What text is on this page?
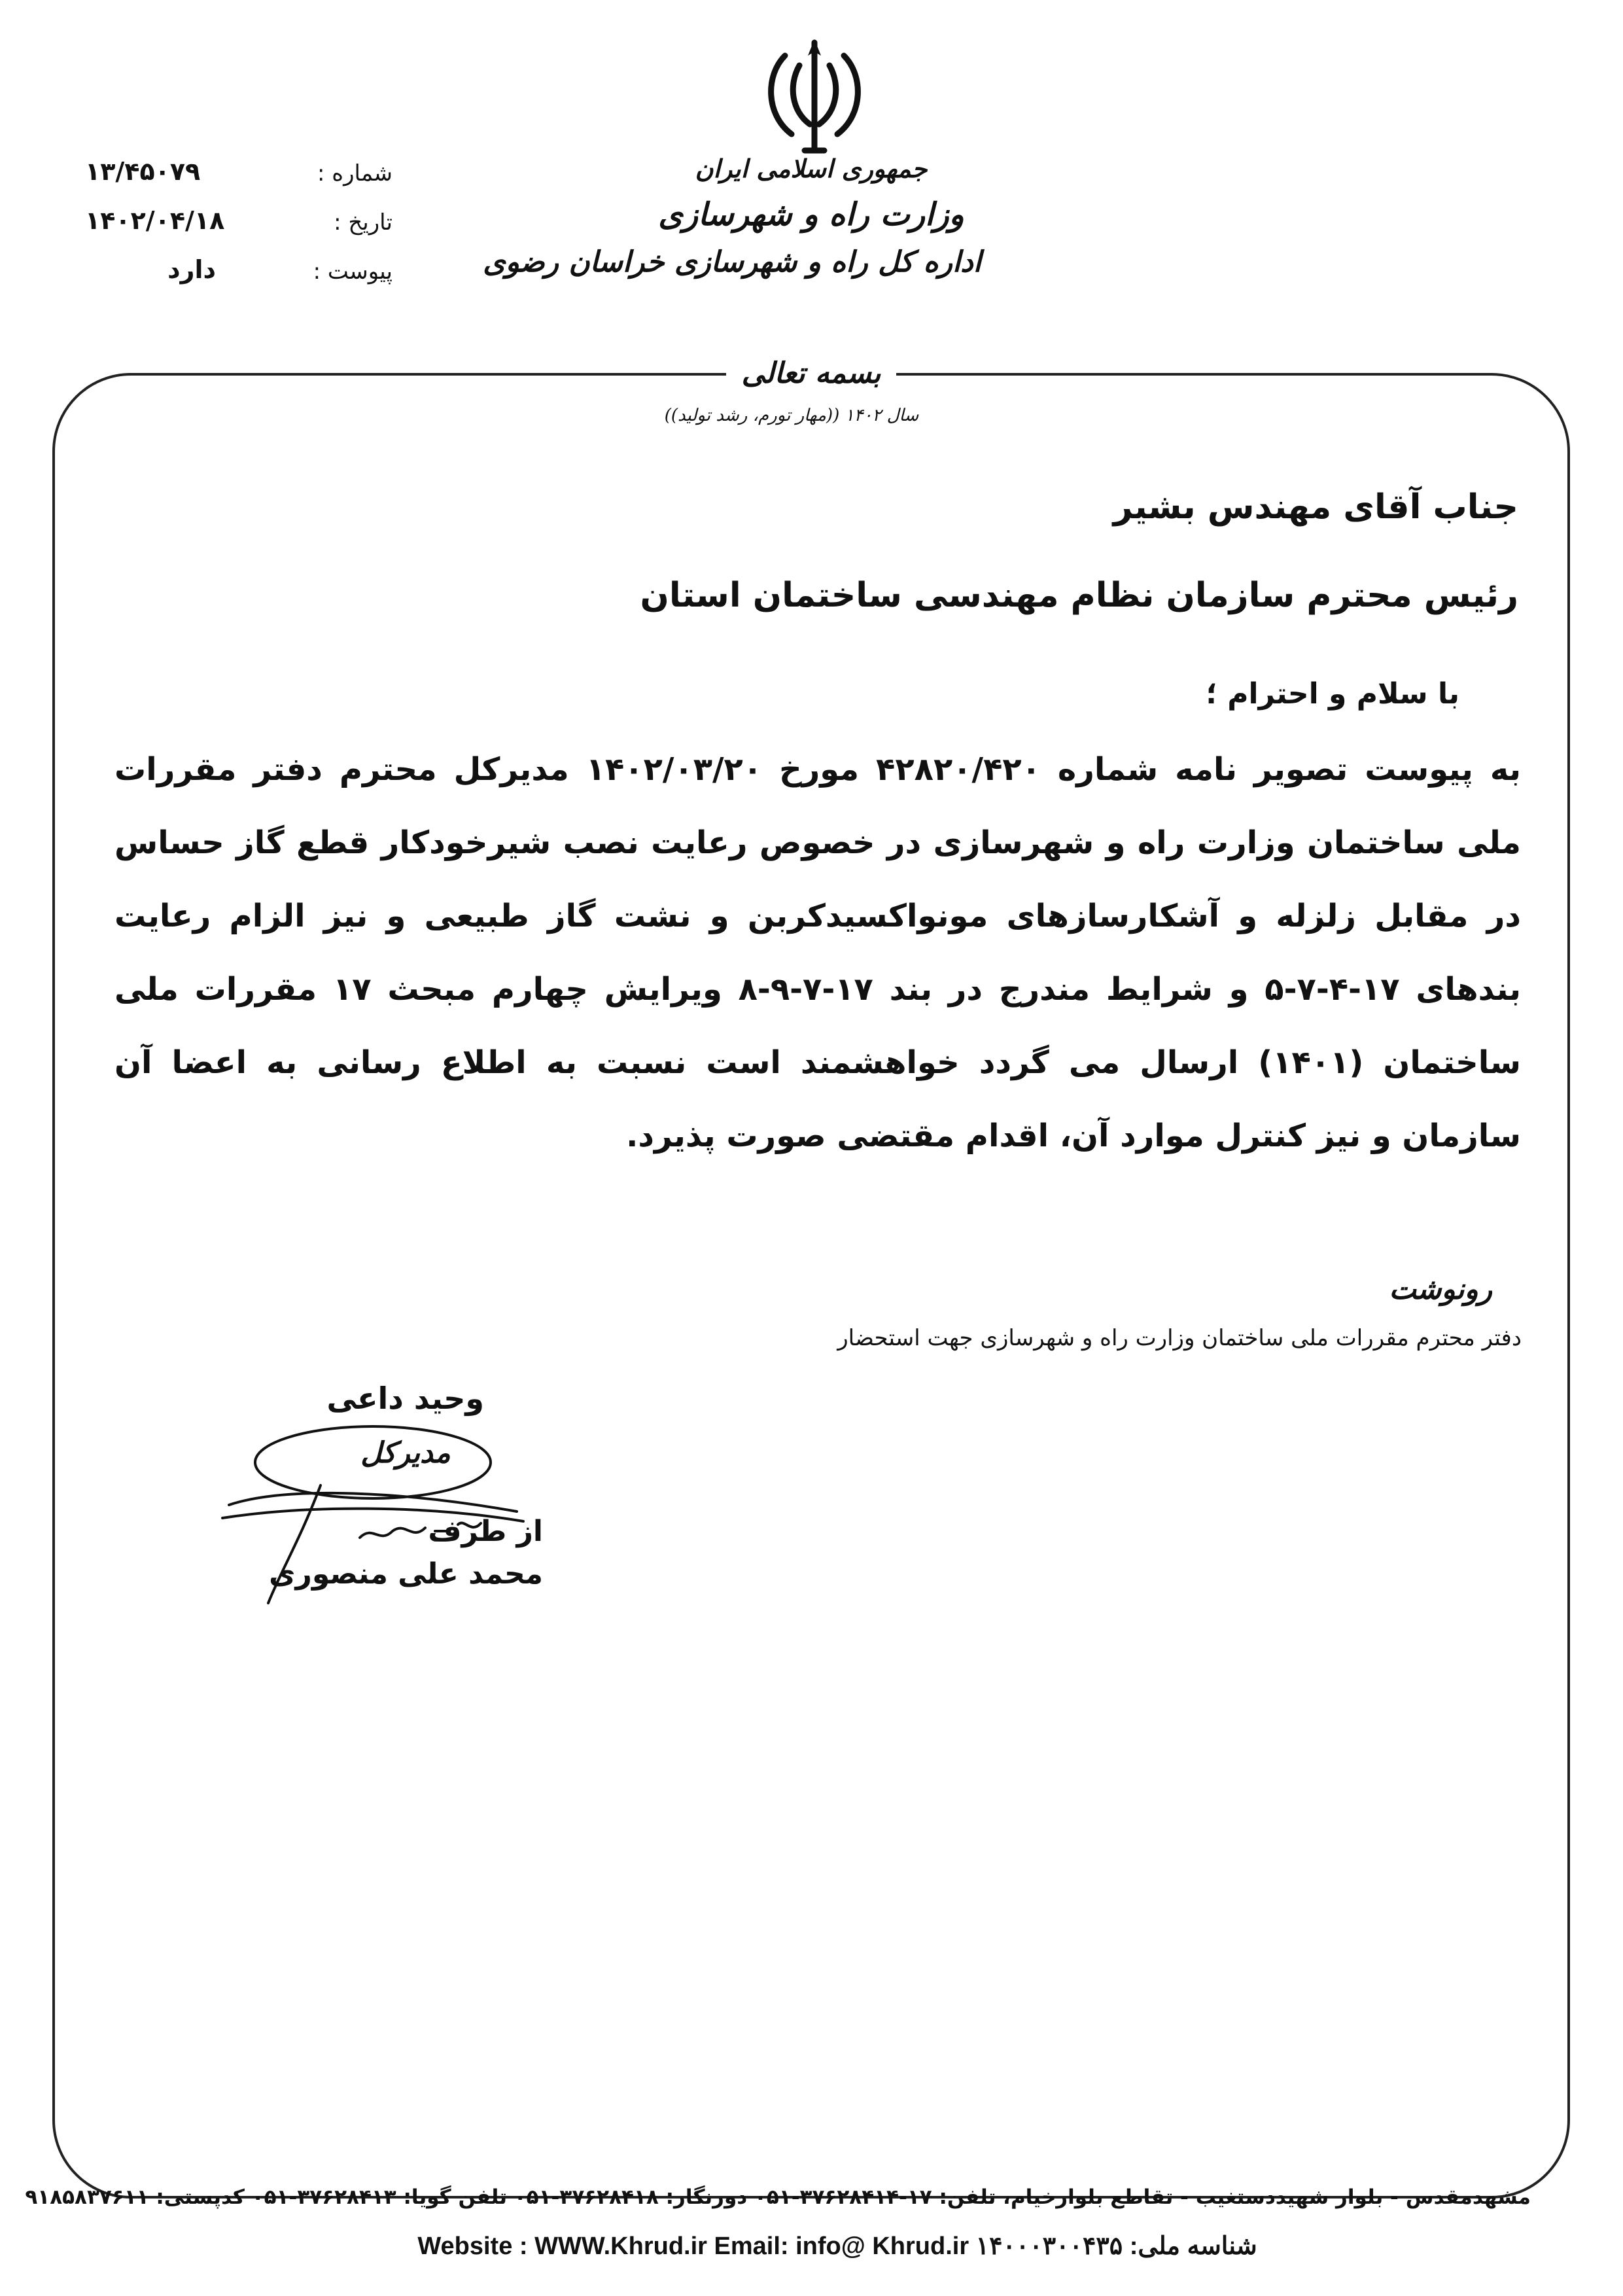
جمهوری اسلامی ایران
وزارت راه و شهرسازی
اداره کل راه و شهرسازی خراسان رضوی
شماره :
۱۳/۴۵۰۷۹
تاریخ :
۱۴۰۲/۰۴/۱۸
پیوست :
دارد
بسمه تعالی
سال ۱۴۰۲ ((مهار تورم، رشد تولید))
جناب آقای مهندس بشیر
رئیس محترم سازمان نظام مهندسی ساختمان استان
با سلام و احترام ؛
به پیوست تصویر نامه شماره ۴۲۸۲۰/۴۲۰ مورخ ۱۴۰۲/۰۳/۲۰ مدیرکل محترم دفتر مقررات ملی ساختمان وزارت راه و شهرسازی در خصوص رعایت نصب شیرخودکار قطع گاز حساس در مقابل زلزله و آشکارسازهای مونواکسیدکربن و نشت گاز طبیعی و نیز الزام رعایت بندهای ۱۷-۴-۷-۵ و شرایط مندرج در بند ۱۷-۷-۹-۸ ویرایش چهارم مبحث ۱۷ مقررات ملی ساختمان (۱۴۰۱) ارسال می گردد خواهشمند است نسبت به اطلاع رسانی به اعضا آن سازمان و نیز کنترل موارد آن، اقدام مقتضی صورت پذیرد.
رونوشت
دفتر محترم مقررات ملی ساختمان وزارت راه و شهرسازی جهت استحضار
وحید داعی
مدیرکل
از طرف
محمد علی منصوری
مشهدمقدس - بلوار شهیددستغیب - تقاطع بلوارخیام، تلفن: ۱۷-۳۷۶۲۸۴۱۴-۰۵۱ دورنگار: ۳۷۶۲۸۴۱۸-۰۵۱ تلفن گویا: ۳۷۶۲۸۴۱۳-۰۵۱ کدپستی: ۹۱۸۵۸۳۷۶۱۱
Website : WWW.Khrud.ir Email: info@ Khrud.ir شناسه ملی: ۱۴۰۰۰۳۰۰۴۳۵
